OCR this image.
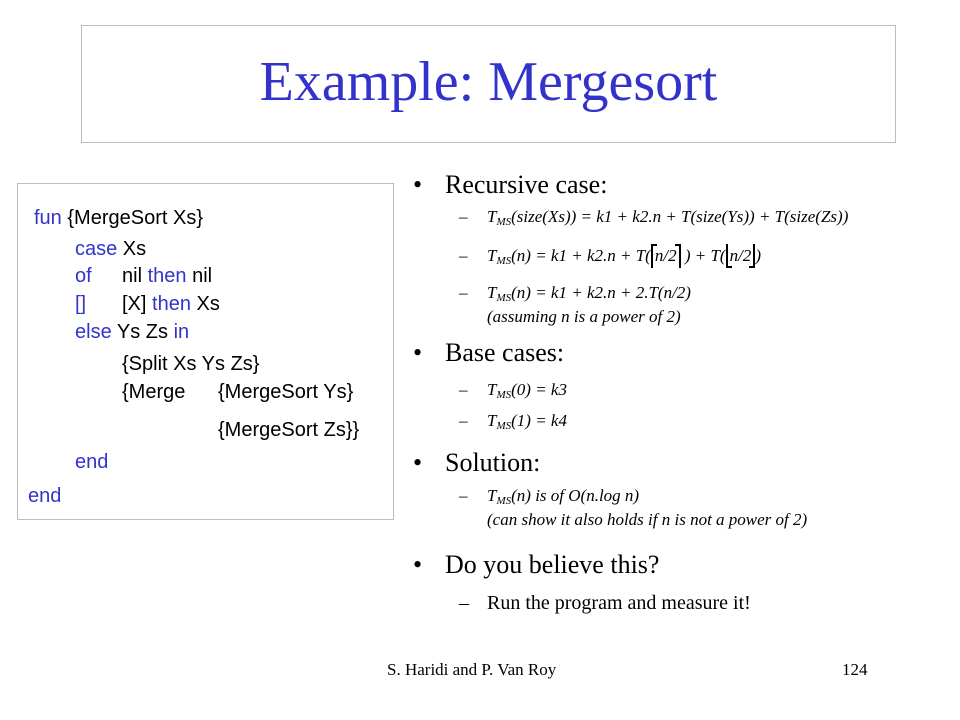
Example: Mergesort
fun {MergeSort Xs}
case Xs
of nil then nil
[] [X] then Xs
else Ys Zs in
{Split Xs Ys Zs}
{Merge {MergeSort Ys}
{MergeSort Zs}}
end
end
• Recursive case:
– $T_{MS}(size(Xs)) = k1 + k2.n$ + T(size(Ys)) + T(size(Zs))
– $T_{MS}(n) = k1 + k2.n + T$( n/2 ) + T( n/2 )
– $T_{MS}(n) = k1 + k2.n + 2.T(n/2)$
(assuming n is a power of 2)
• Base cases:
– $T_{MS}(0) = k3$
– $T_{MS}(1) = k4$
• Solution:
– $T_{MS}(n)$ is of O(n.log n)
(can show it also holds if n is not a power of 2)
• Do you believe this?
– Run the program and measure it!
S. Haridi and P. Van Roy	124
